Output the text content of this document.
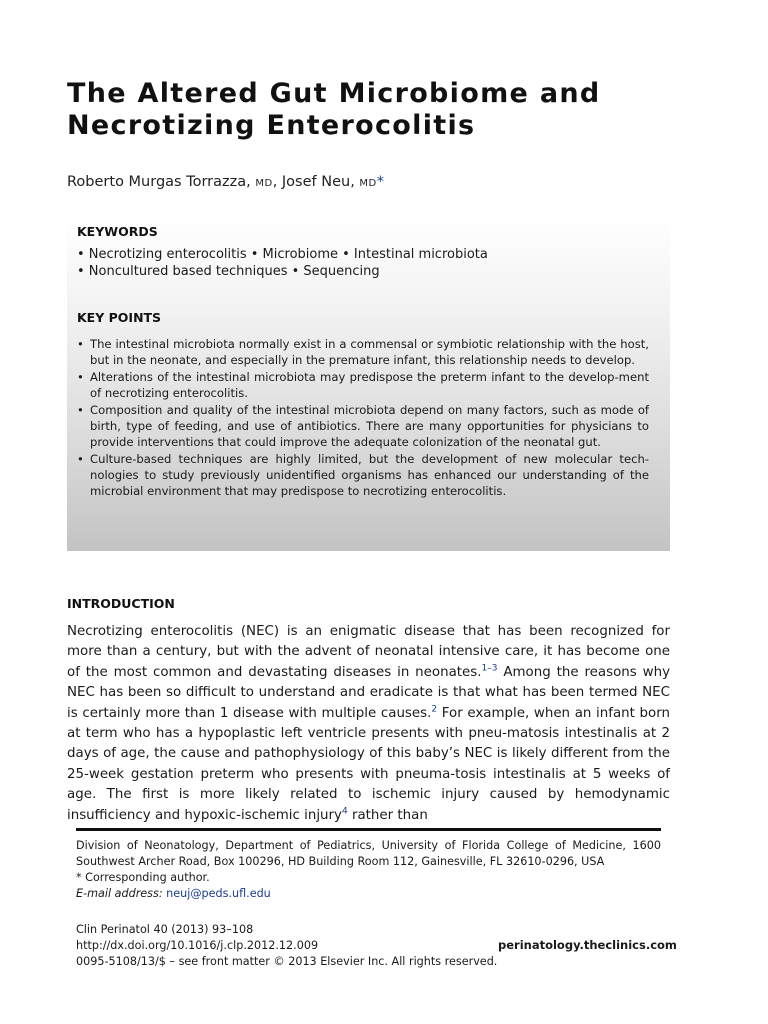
The Altered Gut Microbiome and
Necrotizing Enterocolitis
Roberto Murgas Torrazza, MD, Josef Neu, MD*
KEYWORDS
• Necrotizing enterocolitis • Microbiome • Intestinal microbiota
• Noncultured based techniques • Sequencing
KEY POINTS
• The intestinal microbiota normally exist in a commensal or symbiotic relationship with the host, but in the neonate, and especially in the premature infant, this relationship needs to develop.
• Alterations of the intestinal microbiota may predispose the preterm infant to the develop-ment of necrotizing enterocolitis.
• Composition and quality of the intestinal microbiota depend on many factors, such as mode of birth, type of feeding, and use of antibiotics. There are many opportunities for physicians to provide interventions that could improve the adequate colonization of the neonatal gut.
• Culture-based techniques are highly limited, but the development of new molecular tech-nologies to study previously unidentified organisms has enhanced our understanding of the microbial environment that may predispose to necrotizing enterocolitis.
INTRODUCTION

Necrotizing enterocolitis (NEC) is an enigmatic disease that has been recognized for more than a century, but with the advent of neonatal intensive care, it has become one of the most common and devastating diseases in neonates.$^{1-3}$ Among the reasons why NEC has been so difficult to understand and eradicate is that what has been termed NEC is certainly more than 1 disease with multiple causes.$^2$ For example, when an infant born at term who has a hypoplastic left ventricle presents with pneu-matosis intestinalis at 2 days of age, the cause and pathophysiology of this baby’s NEC is likely different from the 25-week gestation preterm who presents with pneuma-tosis intestinalis at 5 weeks of age. The first is more likely related to ischemic injury caused by hemodynamic insufficiency and hypoxic-ischemic injury$^4$ rather than

Division of Neonatology, Department of Pediatrics, University of Florida College of Medicine, 1600 Southwest Archer Road, Box 100296, HD Building Room 112, Gainesville, FL 32610-0296, USA
* Corresponding author.
E-mail address: neuj@peds.ufl.edu

Clin Perinatol 40 (2013) 93–108
http://dx.doi.org/10.1016/j.clp.2012.12.009	perinatology.theclinics.com
0095-5108/13/$ – see front matter © 2013 Elsevier Inc. All rights reserved.
